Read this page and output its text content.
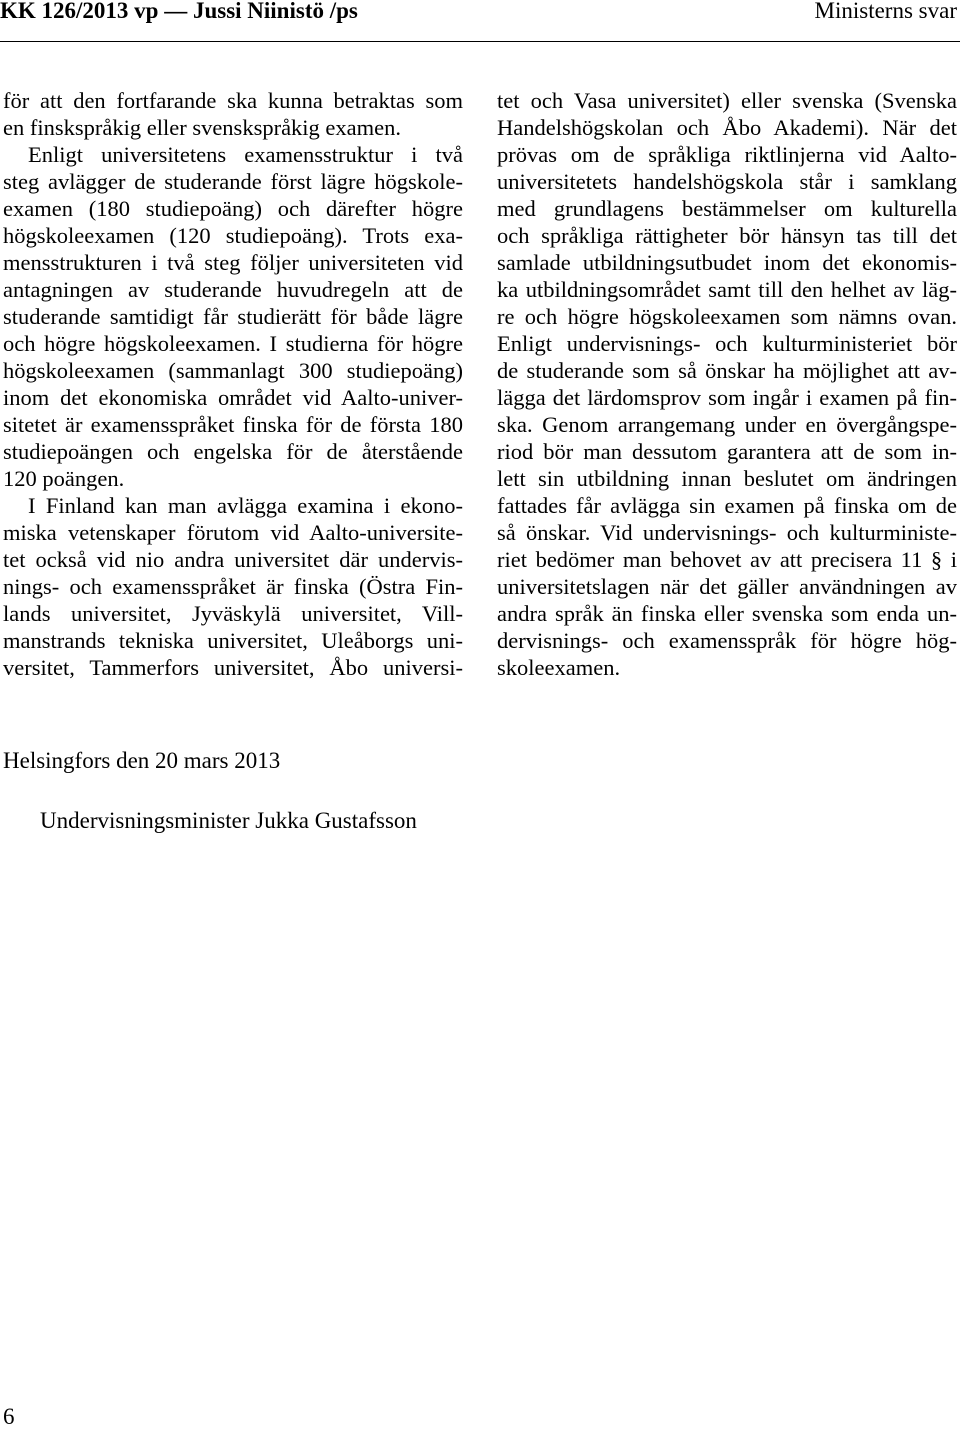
KK 126/2013 vp — Jussi Niinistö /ps	Ministerns svar
för att den fortfarande ska kunna betraktas som
en finskspråkig eller svenskspråkig examen.
Enligt universitetens examensstruktur i två
steg avlägger de studerande först lägre högskole-
examen (180 studiepoäng) och därefter högre
högskoleexamen (120 studiepoäng). Trots exa-
mensstrukturen i två steg följer universiteten vid
antagningen av studerande huvudregeln att de
studerande samtidigt får studierätt för både lägre
och högre högskoleexamen. I studierna för högre
högskoleexamen (sammanlagt 300 studiepoäng)
inom det ekonomiska området vid Aalto-univer-
sitetet är examensspråket finska för de första 180
studiepoängen och engelska för de återstående
120 poängen.
I Finland kan man avlägga examina i ekono-
miska vetenskaper förutom vid Aalto-universite-
tet också vid nio andra universitet där undervis-
nings- och examensspråket är finska (Östra Fin-
lands universitet, Jyväskylä universitet, Vill-
manstrands tekniska universitet, Uleåborgs uni-
versitet, Tammerfors universitet, Åbo universi-
tet och Vasa universitet) eller svenska (Svenska
Handelshögskolan och Åbo Akademi). När det
prövas om de språkliga riktlinjerna vid Aalto-
universitetets handelshögskola står i samklang
med grundlagens bestämmelser om kulturella
och språkliga rättigheter bör hänsyn tas till det
samlade utbildningsutbudet inom det ekonomis-
ka utbildningsområdet samt till den helhet av läg-
re och högre högskoleexamen som nämns ovan.
Enligt undervisnings- och kulturministeriet bör
de studerande som så önskar ha möjlighet att av-
lägga det lärdomsprov som ingår i examen på fin-
ska. Genom arrangemang under en övergångspe-
riod bör man dessutom garantera att de som in-
lett sin utbildning innan beslutet om ändringen
fattades får avlägga sin examen på finska om de
så önskar. Vid undervisnings- och kulturministe-
riet bedömer man behovet av att precisera 11 § i
universitetslagen när det gäller användningen av
andra språk än finska eller svenska som enda un-
dervisnings- och examensspråk för högre hög-
skoleexamen.
Helsingfors den 20 mars 2013
Undervisningsminister Jukka Gustafsson
6
